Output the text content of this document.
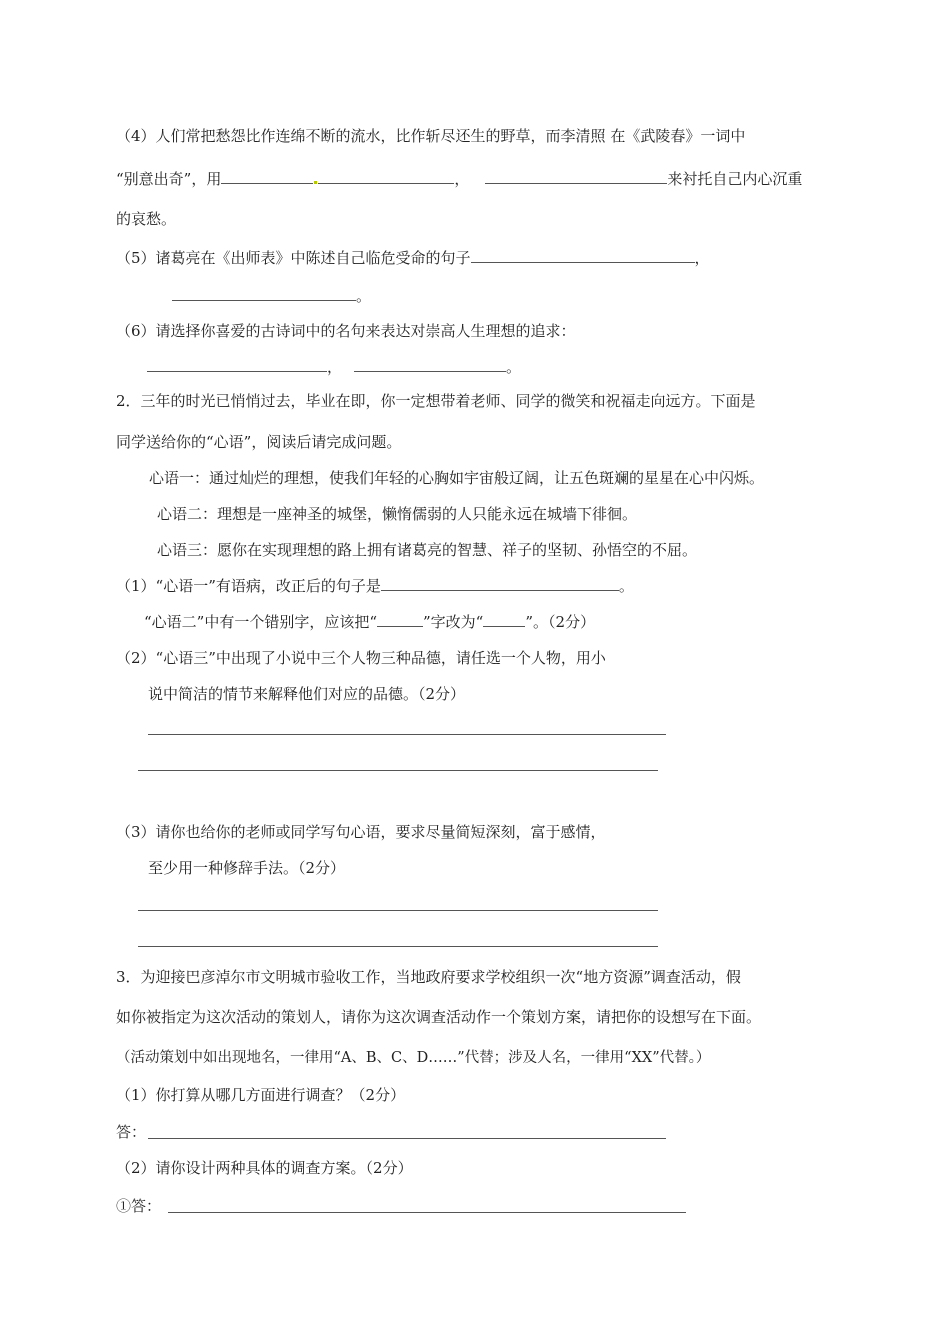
（4）人们常把愁怨比作连绵不断的流水，比作斩尽还生的野草，而李清照 在《武陵春》一词中
“别意出奇”，用	，	来衬托自己内心沉重
的哀愁。
（5）诸葛亮在《出师表》中陈述自己临危受命的句子	，
。
（6）请选择你喜爱的古诗词中的名句来表达对崇高人生理想的追求：
，	。
2．三年的时光已悄悄过去，毕业在即，你一定想带着老师、同学的微笑和祝福走向远方。下面是
同学送给你的“心语”，阅读后请完成问题。
心语一：通过灿烂的理想，使我们年轻的心胸如宇宙般辽阔，让五色斑斓的星星在心中闪烁。
心语二：理想是一座神圣的城堡，懒惰儒弱的人只能永远在城墙下徘徊。
心语三：愿你在实现理想的路上拥有诸葛亮的智慧、祥子的坚韧、孙悟空的不屈。
（1）“心语一”有语病，改正后的句子是	。
“心语二”中有一个错别字，应该把“	”字改为“	”。（2分）
（2）“心语三”中出现了小说中三个人物三种品德，请任选一个人物，用小
说中简洁的情节来解释他们对应的品德。（2分）
（3）请你也给你的老师或同学写句心语，要求尽量简短深刻，富于感情，
至少用一种修辞手法。（2分）
3．为迎接巴彦淖尔市文明城市验收工作，当地政府要求学校组织一次“地方资源”调查活动，假
如你被指定为这次活动的策划人，请你为这次调查活动作一个策划方案，请把你的设想写在下面。
（活动策划中如出现地名，一律用“A、B、C、D……”代替；涉及人名，一律用“XX”代替。）
（1）你打算从哪几方面进行调查？（2分）
答：
（2）请你设计两种具体的调查方案。（2分）
①答：
